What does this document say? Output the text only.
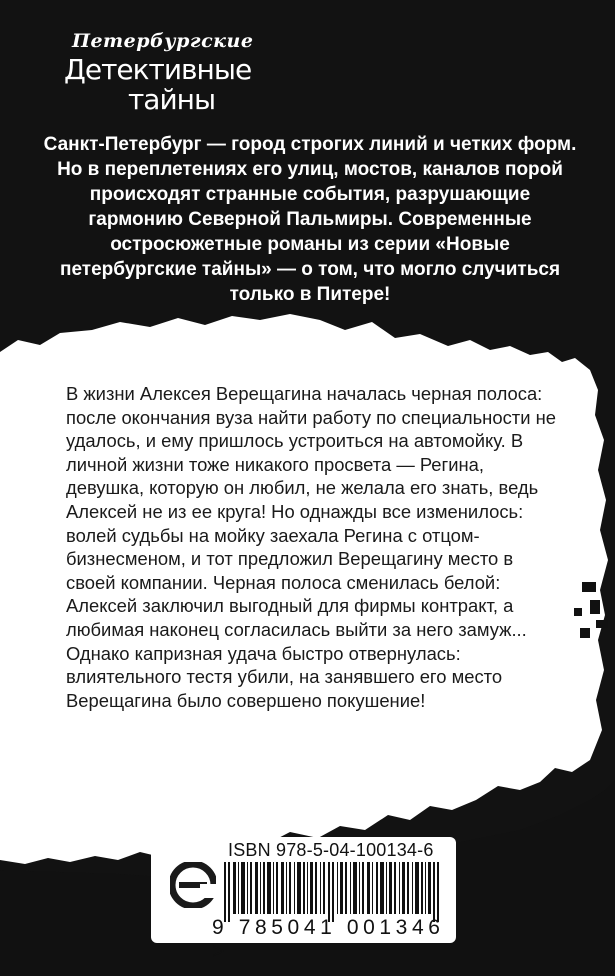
Петербургские
Детективные
тайны

Санкт-Петербург — город строгих линий и четких форм. Но в переплетениях его улиц, мостов, каналов порой происходят странные события, разрушающие гармонию Северной Пальмиры. Современные остросюжетные романы из серии «Новые петербургские тайны» — о том, что могло случиться только в Питере!

В жизни Алексея Верещагина началась черная полоса: после окончания вуза найти работу по специальности не удалось, и ему пришлось устроиться на автомойку. В личной жизни тоже никакого просвета — Регина, девушка, которую он любил, не желала его знать, ведь Алексей не из ее круга! Но однажды все изменилось: волей судьбы на мойку заехала Регина с отцом-бизнесменом, и тот предложил Верещагину место в своей компании. Черная полоса сменилась белой: Алексей заключил выгодный для фирмы контракт, а любимая наконец согласилась выйти за него замуж... Однако капризная удача быстро отвернулась: влиятельного тестя убили, на занявшего его место Верещагина было совершено покушение!

ISBN 978-5-04-100134-6
9 785041 001346 >
